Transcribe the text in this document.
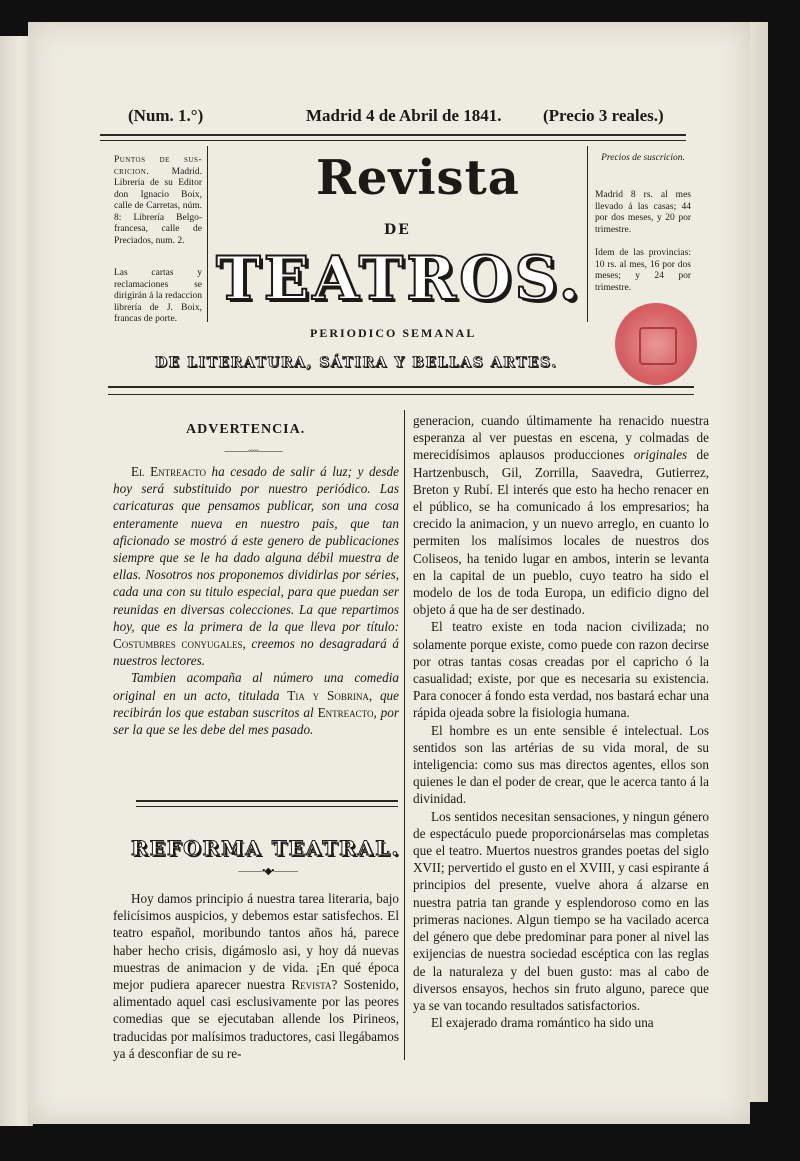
(Num. 1.°)	Madrid 4 de Abril de 1841. (Precio 3 reales.)
Puntos de sus-cricion. Madrid. Librería de su Editor don Ignacio Boix, calle de Carretas, núm. 8: Librería Belgo-francesa, calle de Preciados, num. 2.
Las cartas y reclamaciones se dirigirán á la redaccion librería de J. Boix, francas de porte.
Precios de suscricion.
Madrid 8 rs. al mes llevado á las casas; 44 por dos meses, y 20 por trimestre.
Idem de las provincias: 10 rs. al mes, 16 por dos meses; y 24 por trimestre.
Revista
DE
TEATROS.
PERIODICO SEMANAL
DE LITERATURA, SÁTIRA Y BELLAS ARTES.
ADVERTENCIA.
⸻◦◦◦◦⸻

El Entreacto ha cesado de salir á luz; y desde hoy será substituido por nuestro periódico. Las caricaturas que pensamos publicar, son una cosa enteramente nueva en nuestro pais, que tan aficionado se mostró á este genero de publicaciones siempre que se le ha dado alguna débil muestra de ellas. Nosotros nos proponemos dividirlas por séries, cada una con su titulo especial, para que puedan ser reunidas en diversas colecciones. La que repartimos hoy, que es la primera de la que lleva por título: Costumbres conyugales, creemos no desagradará á nuestros lectores.

Tambien acompaña al número una comedia original en un acto, titulada Tia y Sobrina, que recibirán los que estaban suscritos al Entreacto, por ser la que se les debe del mes pasado.

REFORMA TEATRAL.
⸻•◆•⸻

Hoy damos principio á nuestra tarea literaria, bajo felicísimos auspicios, y debemos estar satisfechos. El teatro español, moribundo tantos años há, parece haber hecho crisis, digámoslo asi, y hoy dá nuevas muestras de animacion y de vida. ¡En qué época mejor pudiera aparecer nuestra Revista? Sostenido, alimentado aquel casi esclusivamente por las peores comedias que se ejecutaban allende los Pirineos, traducidas por malísimos traductores, casi llegábamos ya á desconfiar de su re-

generacion, cuando últimamente ha renacido nuestra esperanza al ver puestas en escena, y colmadas de merecidísimos aplausos producciones originales de Hartzenbusch, Gil, Zorrilla, Saavedra, Gutierrez, Breton y Rubí. El interés que esto ha hecho renacer en el público, se ha comunicado á los empresarios; ha crecido la animacion, y un nuevo arreglo, en cuanto lo permiten los malísimos locales de nuestros dos Coliseos, ha tenido lugar en ambos, interin se levanta en la capital de un pueblo, cuyo teatro ha sido el modelo de los de toda Europa, un edificio digno del objeto á que ha de ser destinado.

El teatro existe en toda nacion civilizada; no solamente porque existe, como puede con razon decirse por otras tantas cosas creadas por el capricho ó la casualidad; existe, por que es necesaria su existencia. Para conocer á fondo esta verdad, nos bastará echar una rápida ojeada sobre la fisiologia humana.

El hombre es un ente sensible é intelectual. Los sentidos son las artérias de su vida moral, de su inteligencia: como sus mas directos agentes, ellos son quienes le dan el poder de crear, que le acerca tanto á la divinidad.

Los sentidos necesitan sensaciones, y ningun género de espectáculo puede proporcionárselas mas completas que el teatro. Muertos nuestros grandes poetas del siglo XVII; pervertido el gusto en el XVIII, y casi espirante á principios del presente, vuelve ahora á alzarse en nuestra patria tan grande y esplendoroso como en las primeras naciones. Algun tiempo se ha vacilado acerca del género que debe predominar para poner al nivel las exijencias de nuestra sociedad escéptica con las reglas de la naturaleza y del buen gusto: mas al cabo de diversos ensayos, hechos sin fruto alguno, parece que ya se van tocando resultados satisfactorios.

El exajerado drama romántico ha sido una
